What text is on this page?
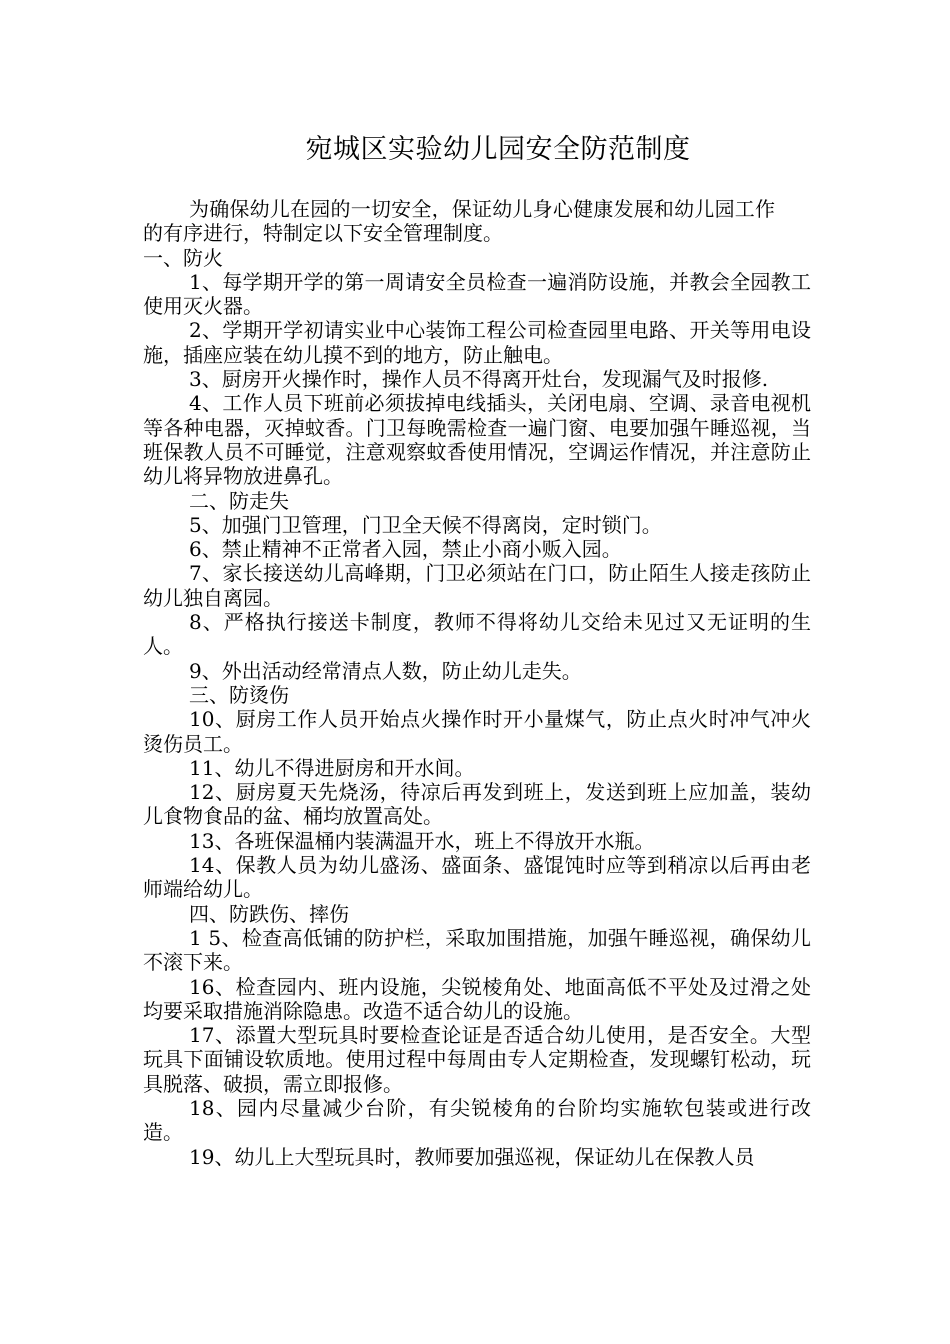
宛城区实验幼儿园安全防范制度

为确保幼儿在园的一切安全，保证幼儿身心健康发展和幼儿园工作的有序进行，特制定以下安全管理制度。

一、防火

1、每学期开学的第一周请安全员检查一遍消防设施，并教会全园教工使用灭火器。

2、学期开学初请实业中心装饰工程公司检查园里电路、开关等用电设施，插座应装在幼儿摸不到的地方，防止触电。

3、厨房开火操作时，操作人员不得离开灶台，发现漏气及时报修.

4、工作人员下班前必须拔掉电线插头，关闭电扇、空调、录音电视机等各种电器，灭掉蚊香。门卫每晚需检查一遍门窗、电要加强午睡巡视，当班保教人员不可睡觉，注意观察蚊香使用情况，空调运作情况，并注意防止幼儿将异物放进鼻孔。

二、防走失

5、加强门卫管理，门卫全天候不得离岗，定时锁门。

6、禁止精神不正常者入园，禁止小商小贩入园。

7、家长接送幼儿高峰期，门卫必须站在门口，防止陌生人接走孩防止幼儿独自离园。

8、严格执行接送卡制度，教师不得将幼儿交给未见过又无证明的生人。

9、外出活动经常清点人数，防止幼儿走失。

三、防烫伤

10、厨房工作人员开始点火操作时开小量煤气，防止点火时冲气冲火烫伤员工。

11、幼儿不得进厨房和开水间。

12、厨房夏天先烧汤，待凉后再发到班上，发送到班上应加盖，装幼儿食物食品的盆、桶均放置高处。

13、各班保温桶内装满温开水，班上不得放开水瓶。

14、保教人员为幼儿盛汤、盛面条、盛馄饨时应等到稍凉以后再由老师端给幼儿。

四、防跌伤、摔伤

1 5、检查高低铺的防护栏，采取加围措施，加强午睡巡视，确保幼儿不滚下来。

16、检查园内、班内设施，尖锐棱角处、地面高低不平处及过滑之处均要采取措施消除隐患。改造不适合幼儿的设施。

17、添置大型玩具时要检查论证是否适合幼儿使用，是否安全。大型玩具下面铺设软质地。使用过程中每周由专人定期检查，发现螺钉松动，玩具脱落、破损，需立即报修。

18、园内尽量减少台阶，有尖锐棱角的台阶均实施软包装或进行改造。

19、幼儿上大型玩具时，教师要加强巡视，保证幼儿在保教人员
